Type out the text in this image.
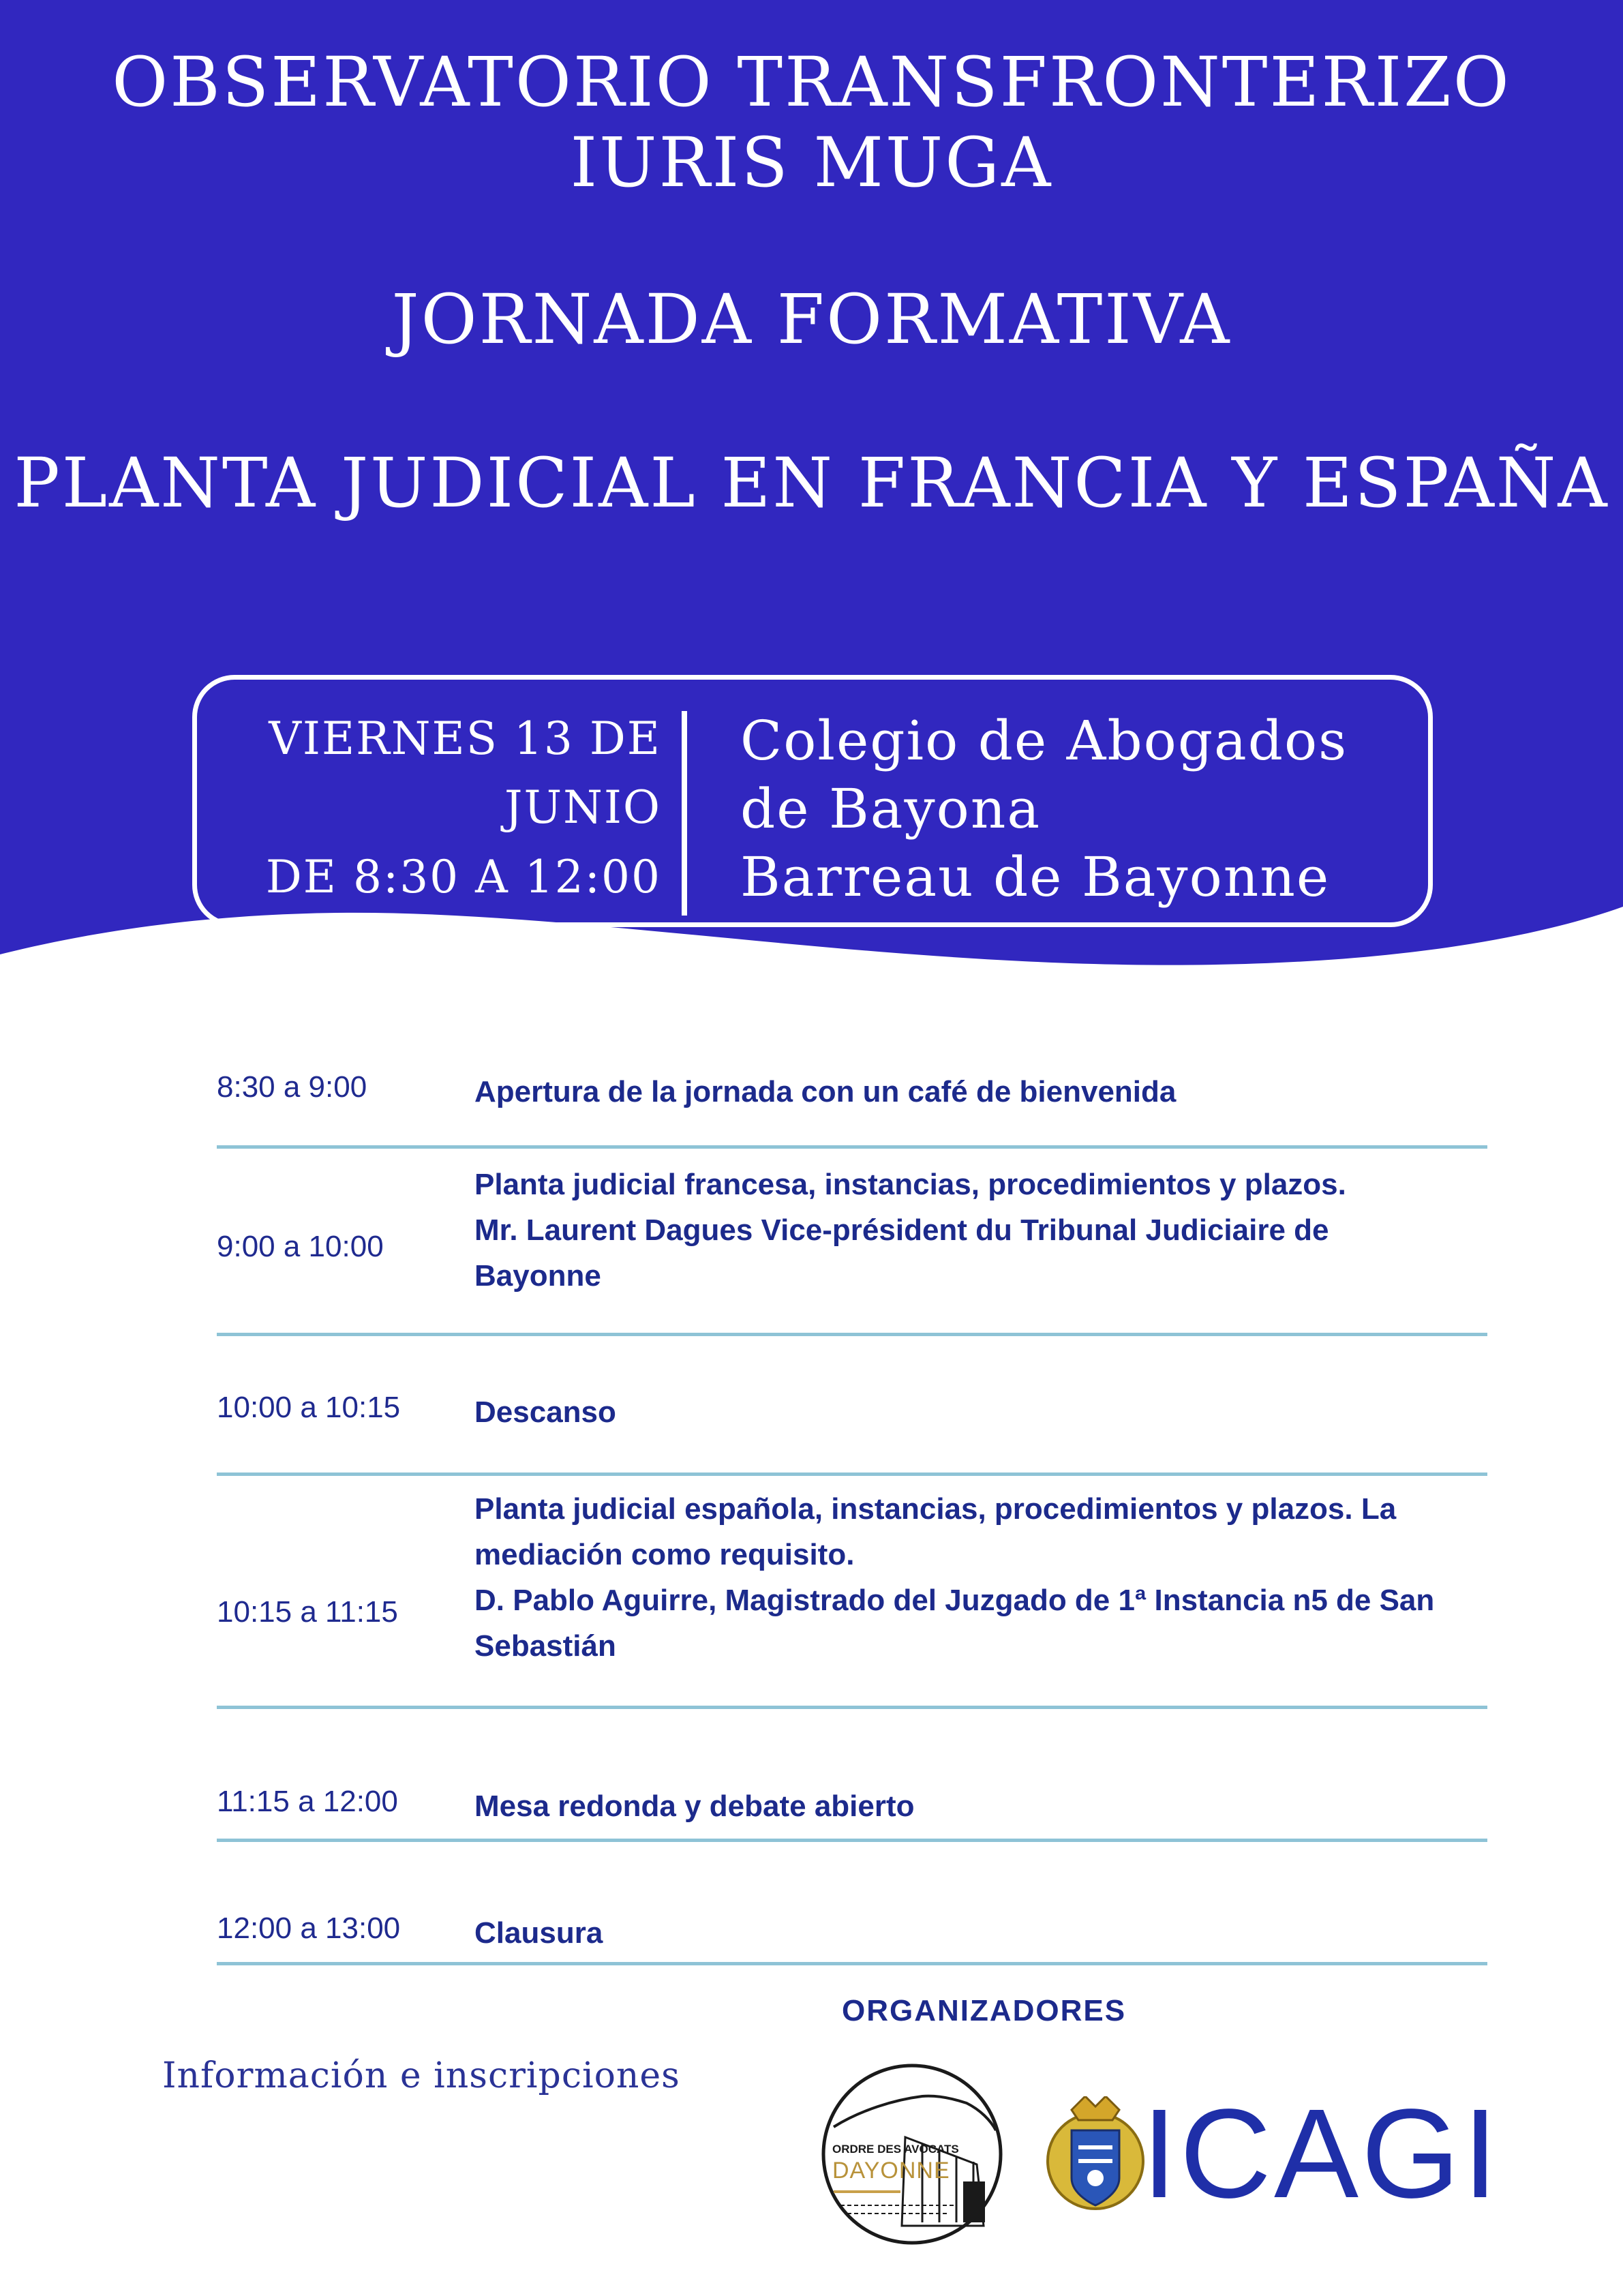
OBSERVATORIO TRANSFRONTERIZO
IURIS MUGA
JORNADA FORMATIVA
PLANTA JUDICIAL EN FRANCIA Y ESPAÑA
VIERNES 13 DE
JUNIO
DE 8:30 A 12:00
Colegio de Abogados
de Bayona
Barreau de Bayonne
8:30 a 9:00	Apertura de la jornada con un café de bienvenida
9:00 a 10:00
Planta judicial francesa, instancias, procedimientos y plazos.
Mr. Laurent Dagues Vice-président du Tribunal Judiciaire de
Bayonne
10:00 a 10:15 Descanso
10:15 a 11:15
Planta judicial española, instancias, procedimientos y plazos. La
mediación como requisito.
D. Pablo Aguirre, Magistrado del Juzgado de 1ª Instancia n5 de San
Sebastián
11:15 a 12:00	Mesa redonda y debate abierto
12:00 a 13:00 Clausura
ORGANIZADORES
Información e inscripciones
ORDRE DES AVOCATS
DAYONNE ICAGI
